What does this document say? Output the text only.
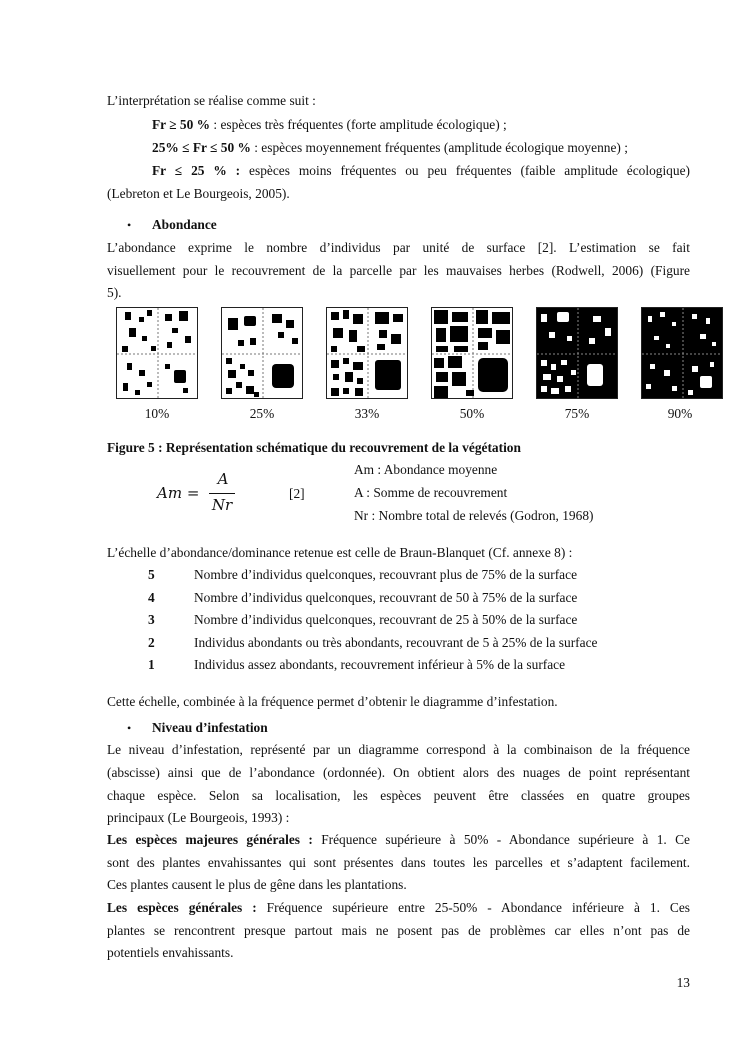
L’interprétation se réalise comme suit :
Fr ≥ 50 % : espèces très fréquentes (forte amplitude écologique) ;
25% ≤ Fr ≤ 50 % : espèces moyennement fréquentes (amplitude écologique moyenne) ;
Fr ≤ 25 % : espèces moins fréquentes ou peu fréquentes (faible amplitude écologique)
(Lebreton et Le Bourgeois, 2005).
• Abondance
L’abondance exprime le nombre d’individus par unité de surface [2]. L’estimation se fait
visuellement pour le recouvrement de la parcelle par les mauvaises herbes (Rodwell, 2006) (Figure
5).
10%	25%	33%	50%	75%	90%
Figure 5 : Représentation schématique du recouvrement de la végétation
Am =
A
Nr
[2]
Am : Abondance moyenne
A : Somme de recouvrement
Nr : Nombre total de relevés (Godron, 1968)
L’échelle d’abondance/dominance retenue est celle de Braun-Blanquet (Cf. annexe 8) :
5	Nombre d’individus quelconques, recouvrant plus de 75% de la surface
4	Nombre d’individus quelconques, recouvrant de 50 à 75% de la surface
3	Nombre d’individus quelconques, recouvrant de 25 à 50% de la surface
2	Individus abondants ou très abondants, recouvrant de 5 à 25% de la surface
1	Individus assez abondants, recouvrement inférieur à 5% de la surface
Cette échelle, combinée à la fréquence permet d’obtenir le diagramme d’infestation.
• Niveau d’infestation
Le niveau d’infestation, représenté par un diagramme correspond à la combinaison de la fréquence
(abscisse) ainsi que de l’abondance (ordonnée). On obtient alors des nuages de point représentant
chaque espèce. Selon sa localisation, les espèces peuvent être classées en quatre groupes
principaux (Le Bourgeois, 1993) :
Les espèces majeures générales : Fréquence supérieure à 50% - Abondance supérieure à 1. Ce
sont des plantes envahissantes qui sont présentes dans toutes les parcelles et s’adaptent facilement.
Ces plantes causent le plus de gêne dans les plantations.
Les espèces générales : Fréquence supérieure entre 25-50% - Abondance inférieure à 1. Ces
plantes se rencontrent presque partout mais ne posent pas de problèmes car elles n’ont pas de
potentiels envahissants.
13
